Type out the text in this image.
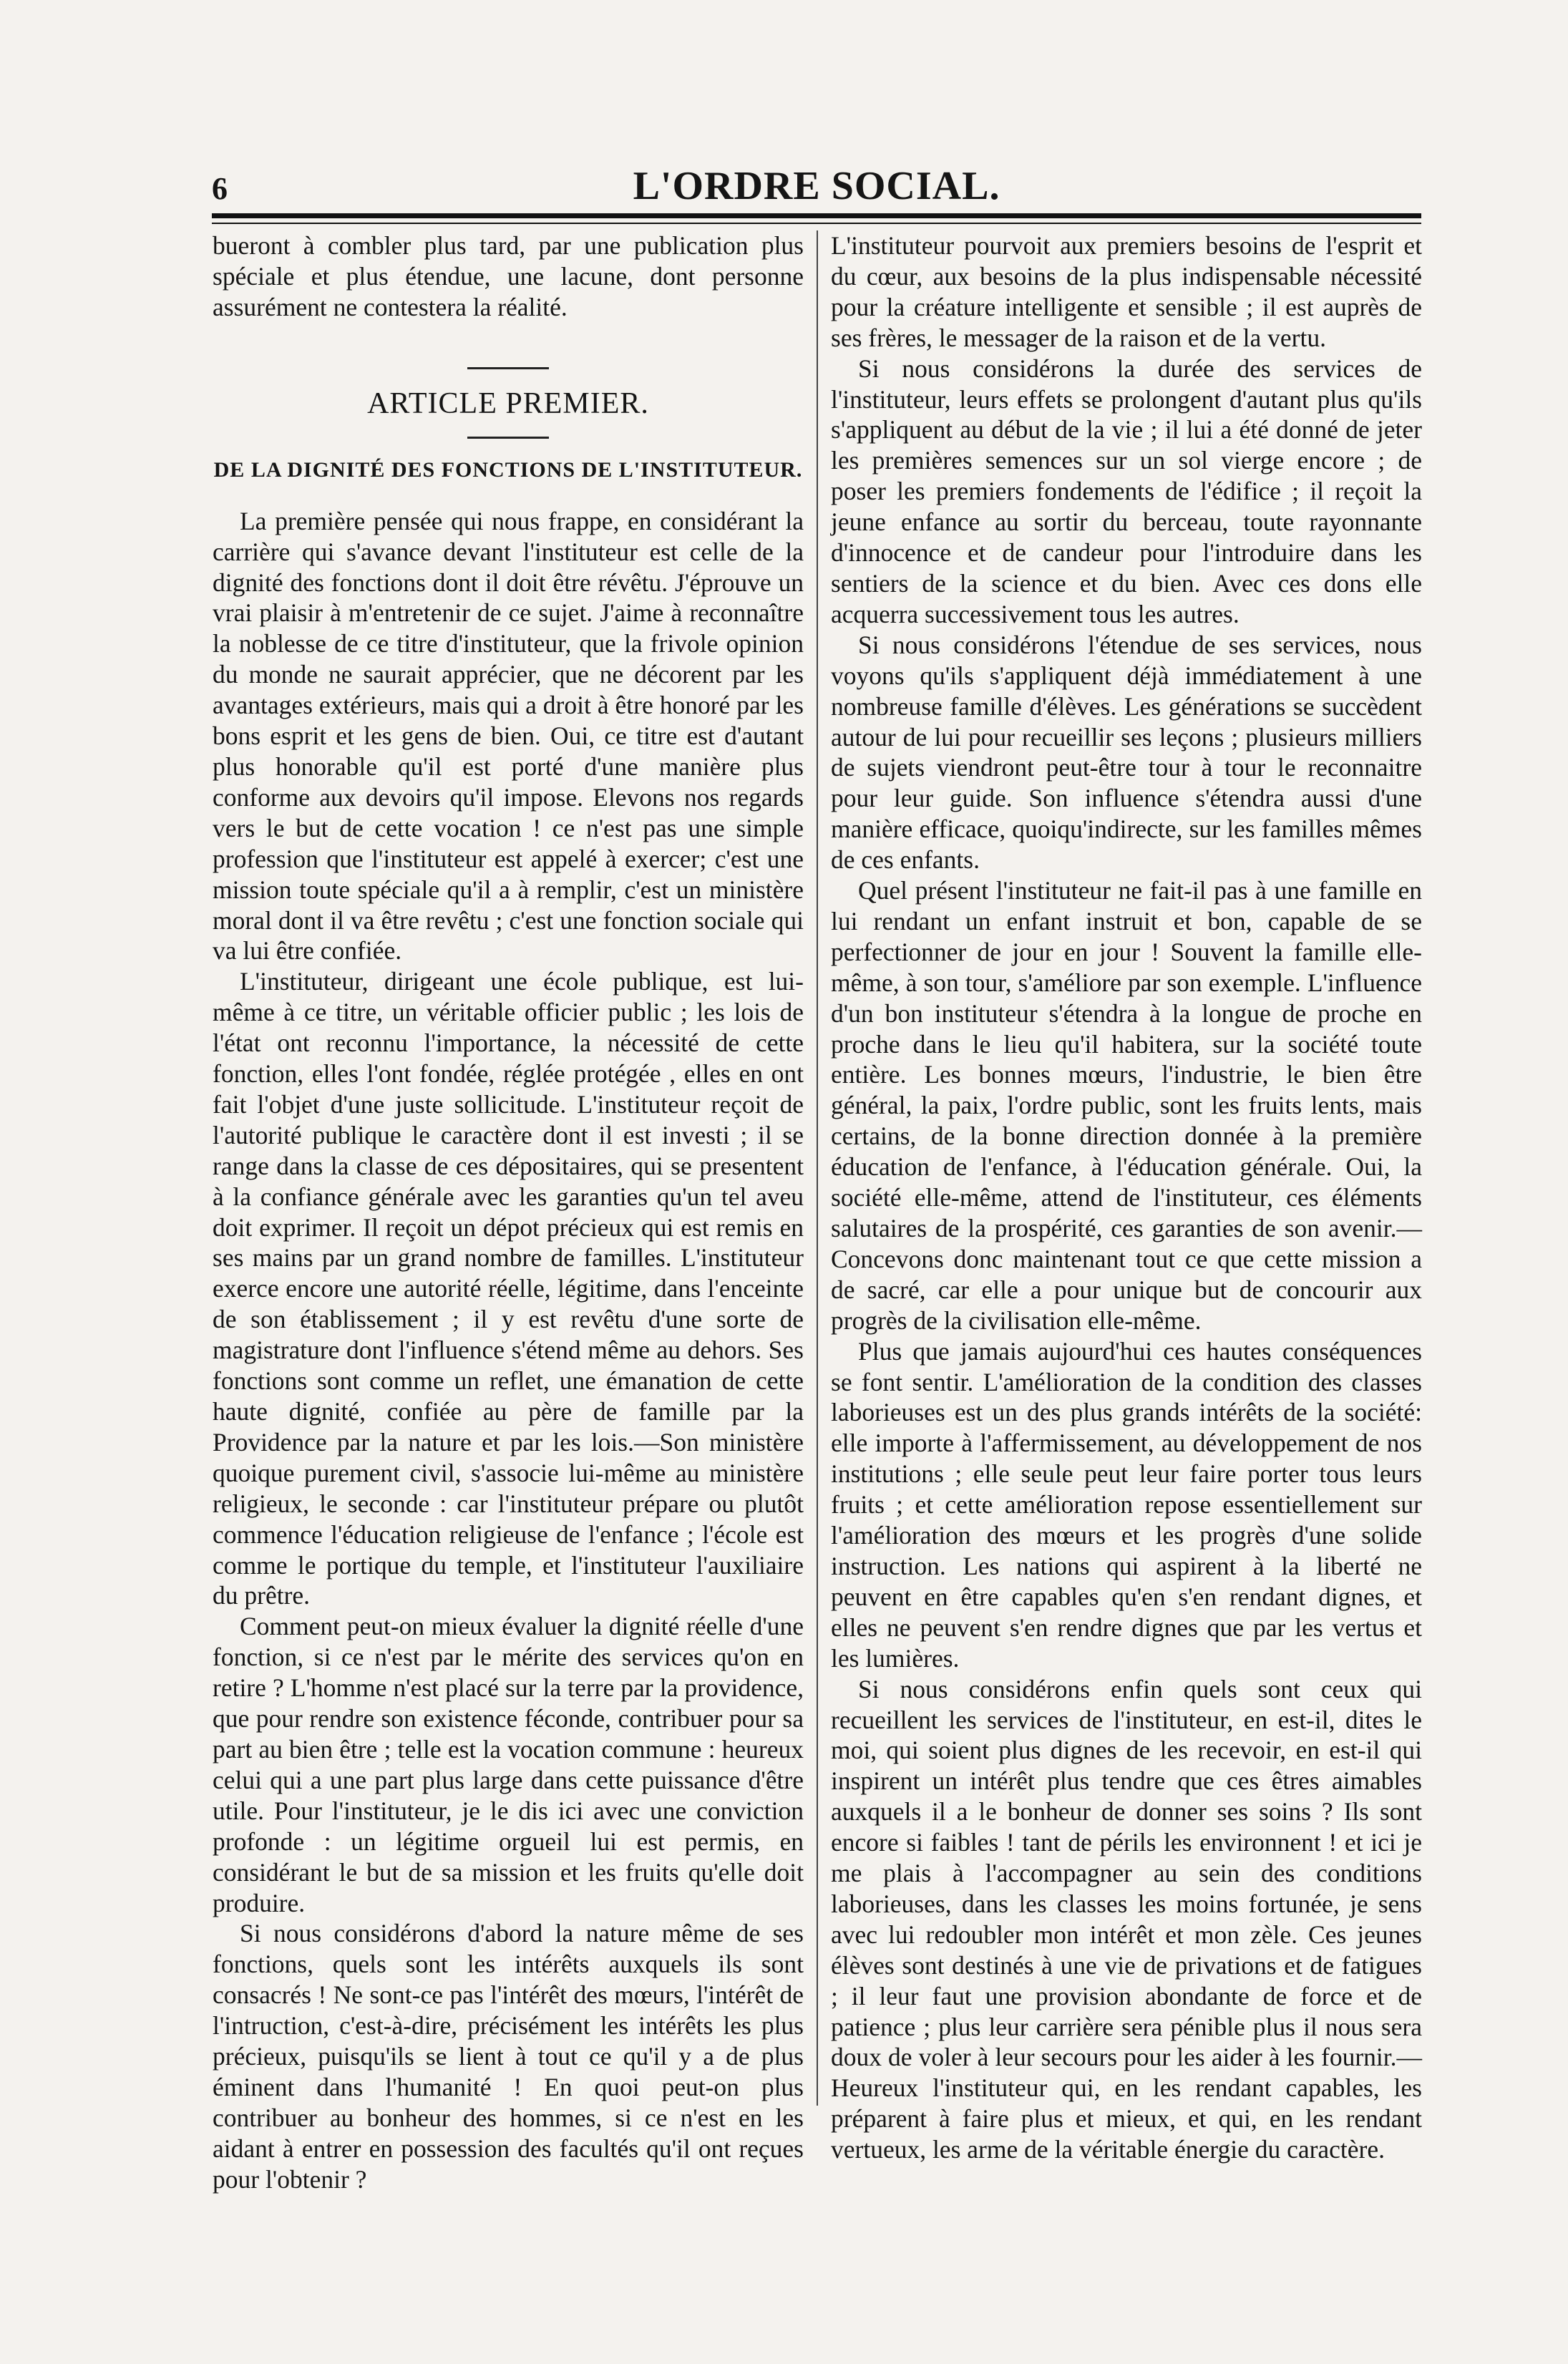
6	L'ORDRE SOCIAL.

bueront à combler plus tard, par une publication plus spéciale et plus étendue, une lacune, dont personne assurément ne contestera la réalité.

ARTICLE PREMIER.
DE LA DIGNITÉ DES FONCTIONS DE L'INSTITUTEUR.

La première pensée qui nous frappe, en considérant la carrière qui s'avance devant l'instituteur est celle de la dignité des fonctions dont il doit être révêtu. J'éprouve un vrai plaisir à m'entretenir de ce sujet. J'aime à reconnaître la noblesse de ce titre d'instituteur, que la frivole opinion du monde ne saurait apprécier, que ne décorent par les avantages extérieurs, mais qui a droit à être honoré par les bons esprit et les gens de bien. Oui, ce titre est d'autant plus honorable qu'il est porté d'une manière plus conforme aux devoirs qu'il impose. Elevons nos regards vers le but de cette vocation ! ce n'est pas une simple profession que l'instituteur est appelé à exercer; c'est une mission toute spéciale qu'il a à remplir, c'est un ministère moral dont il va être revêtu ; c'est une fonction sociale qui va lui être confiée.

L'instituteur, dirigeant une école publique, est lui-même à ce titre, un véritable officier public ; les lois de l'état ont reconnu l'importance, la nécessité de cette fonction, elles l'ont fondée, réglée protégée , elles en ont fait l'objet d'une juste sollicitude. L'instituteur reçoit de l'autorité publique le caractère dont il est investi ; il se range dans la classe de ces dépositaires, qui se presentent à la confiance générale avec les garanties qu'un tel aveu doit exprimer. Il reçoit un dépot précieux qui est remis en ses mains par un grand nombre de familles. L'instituteur exerce encore une autorité réelle, légitime, dans l'enceinte de son établissement ; il y est revêtu d'une sorte de magistrature dont l'influence s'étend même au dehors. Ses fonctions sont comme un reflet, une émanation de cette haute dignité, confiée au père de famille par la Providence par la nature et par les lois.—Son ministère quoique purement civil, s'associe lui-même au ministère religieux, le seconde : car l'instituteur prépare ou plutôt commence l'éducation religieuse de l'enfance ; l'école est comme le portique du temple, et l'instituteur l'auxiliaire du prêtre.

Comment peut-on mieux évaluer la dignité réelle d'une fonction, si ce n'est par le mérite des services qu'on en retire ? L'homme n'est placé sur la terre par la providence, que pour rendre son existence féconde, contribuer pour sa part au bien être ; telle est la vocation commune : heureux celui qui a une part plus large dans cette puissance d'être utile. Pour l'instituteur, je le dis ici avec une conviction profonde : un légitime orgueil lui est permis, en considérant le but de sa mission et les fruits qu'elle doit produire.

Si nous considérons d'abord la nature même de ses fonctions, quels sont les intérêts auxquels ils sont consacrés ! Ne sont-ce pas l'intérêt des mœurs, l'intérêt de l'intruction, c'est-à-dire, précisément les intérêts les plus précieux, puisqu'ils se lient à tout ce qu'il y a de plus éminent dans l'humanité ! En quoi peut-on plus contribuer au bonheur des hommes, si ce n'est en les aidant à entrer en possession des facultés qu'il ont reçues pour l'obtenir ?

L'instituteur pourvoit aux premiers besoins de l'esprit et du cœur, aux besoins de la plus indispensable nécessité pour la créature intelligente et sensible ; il est auprès de ses frères, le messager de la raison et de la vertu.

Si nous considérons la durée des services de l'instituteur, leurs effets se prolongent d'autant plus qu'ils s'appliquent au début de la vie ; il lui a été donné de jeter les premières semences sur un sol vierge encore ; de poser les premiers fondements de l'édifice ; il reçoit la jeune enfance au sortir du berceau, toute rayonnante d'innocence et de candeur pour l'introduire dans les sentiers de la science et du bien. Avec ces dons elle acquerra successivement tous les autres.

Si nous considérons l'étendue de ses services, nous voyons qu'ils s'appliquent déjà immédiatement à une nombreuse famille d'élèves. Les générations se succèdent autour de lui pour recueillir ses leçons ; plusieurs milliers de sujets viendront peut-être tour à tour le reconnaitre pour leur guide. Son influence s'étendra aussi d'une manière efficace, quoiqu'indirecte, sur les familles mêmes de ces enfants.

Quel présent l'instituteur ne fait-il pas à une famille en lui rendant un enfant instruit et bon, capable de se perfectionner de jour en jour ! Souvent la famille elle-même, à son tour, s'améliore par son exemple. L'influence d'un bon instituteur s'étendra à la longue de proche en proche dans le lieu qu'il habitera, sur la société toute entière. Les bonnes mœurs, l'industrie, le bien être général, la paix, l'ordre public, sont les fruits lents, mais certains, de la bonne direction donnée à la première éducation de l'enfance, à l'éducation générale. Oui, la société elle-même, attend de l'instituteur, ces éléments salutaires de la prospérité, ces garanties de son avenir.—Concevons donc maintenant tout ce que cette mission a de sacré, car elle a pour unique but de concourir aux progrès de la civilisation elle-même.

Plus que jamais aujourd'hui ces hautes conséquences se font sentir. L'amélioration de la condition des classes laborieuses est un des plus grands intérêts de la société: elle importe à l'affermissement, au développement de nos institutions ; elle seule peut leur faire porter tous leurs fruits ; et cette amélioration repose essentiellement sur l'amélioration des mœurs et les progrès d'une solide instruction. Les nations qui aspirent à la liberté ne peuvent en être capables qu'en s'en rendant dignes, et elles ne peuvent s'en rendre dignes que par les vertus et les lumières.

Si nous considérons enfin quels sont ceux qui recueillent les services de l'instituteur, en est-il, dites le moi, qui soient plus dignes de les recevoir, en est-il qui inspirent un intérêt plus tendre que ces êtres aimables auxquels il a le bonheur de donner ses soins ? Ils sont encore si faibles ! tant de périls les environnent ! et ici je me plais à l'accompagner au sein des conditions laborieuses, dans les classes les moins fortunée, je sens avec lui redoubler mon intérêt et mon zèle. Ces jeunes élèves sont destinés à une vie de privations et de fatigues ; il leur faut une provision abondante de force et de patience ; plus leur carrière sera pénible plus il nous sera doux de voler à leur secours pour les aider à les fournir.—Heureux l'instituteur qui, en les rendant capables, les préparent à faire plus et mieux, et qui, en les rendant vertueux, les arme de la véritable énergie du caractère.
